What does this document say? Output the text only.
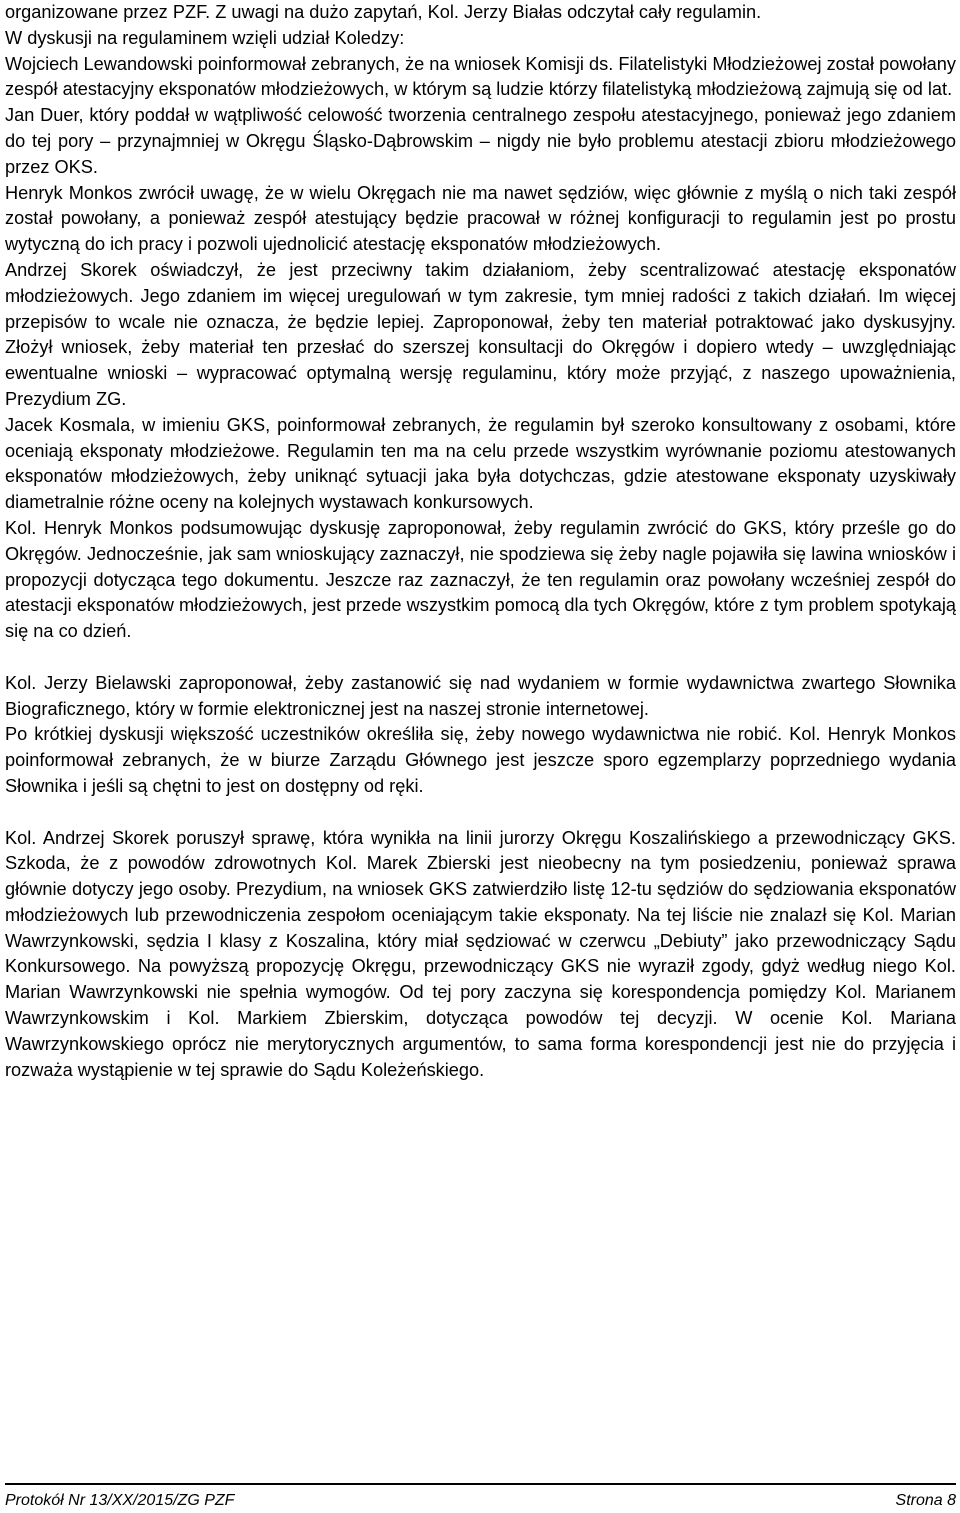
organizowane przez PZF. Z uwagi na dużo zapytań, Kol. Jerzy Białas odczytał cały regulamin.

W dyskusji na regulaminem wzięli udział Koledzy:

Wojciech Lewandowski poinformował zebranych, że na wniosek Komisji ds. Filatelistyki Młodzieżowej został powołany zespół atestacyjny eksponatów młodzieżowych, w którym są ludzie którzy filatelistyką młodzieżową zajmują się od lat.

Jan Duer, który poddał w wątpliwość celowość tworzenia centralnego zespołu atestacyjnego, ponieważ jego zdaniem do tej pory – przynajmniej w Okręgu Śląsko-Dąbrowskim – nigdy nie było problemu atestacji zbioru młodzieżowego przez OKS.

Henryk Monkos zwrócił uwagę, że w wielu Okręgach nie ma nawet sędziów, więc głównie z myślą o nich taki zespół został powołany, a ponieważ zespół atestujący będzie pracował w różnej konfiguracji to regulamin jest po prostu wytyczną do ich pracy i pozwoli ujednolicić atestację eksponatów młodzieżowych.

Andrzej Skorek oświadczył, że jest przeciwny takim działaniom, żeby scentralizować atestację eksponatów młodzieżowych. Jego zdaniem im więcej uregulowań w tym zakresie, tym mniej radości z takich działań. Im więcej przepisów to wcale nie oznacza, że będzie lepiej. Zaproponował, żeby ten materiał potraktować jako dyskusyjny. Złożył wniosek, żeby materiał ten przesłać do szerszej konsultacji do Okręgów i dopiero wtedy – uwzględniając ewentualne wnioski – wypracować optymalną wersję regulaminu, który może przyjąć, z naszego upoważnienia, Prezydium ZG.

Jacek Kosmala, w imieniu GKS, poinformował zebranych, że regulamin był szeroko konsultowany z osobami, które oceniają eksponaty młodzieżowe. Regulamin ten ma na celu przede wszystkim wyrównanie poziomu atestowanych eksponatów młodzieżowych, żeby uniknąć sytuacji jaka była dotychczas, gdzie atestowane eksponaty uzyskiwały diametralnie różne oceny na kolejnych wystawach konkursowych.

Kol. Henryk Monkos podsumowując dyskusję zaproponował, żeby regulamin zwrócić do GKS, który prześle go do Okręgów. Jednocześnie, jak sam wnioskujący zaznaczył, nie spodziewa się żeby nagle pojawiła się lawina wniosków i propozycji dotycząca tego dokumentu. Jeszcze raz zaznaczył, że ten regulamin oraz powołany wcześniej zespół do atestacji eksponatów młodzieżowych, jest przede wszystkim pomocą dla tych Okręgów, które z tym problem spotykają się na co dzień.

Kol. Jerzy Bielawski zaproponował, żeby zastanowić się nad wydaniem w formie wydawnictwa zwartego Słownika Biograficznego, który w formie elektronicznej jest na naszej stronie internetowej.

Po krótkiej dyskusji większość uczestników określiła się, żeby nowego wydawnictwa nie robić. Kol. Henryk Monkos poinformował zebranych, że w biurze Zarządu Głównego jest jeszcze sporo egzemplarzy poprzedniego wydania Słownika i jeśli są chętni to jest on dostępny od ręki.

Kol. Andrzej Skorek poruszył sprawę, która wynikła na linii jurorzy Okręgu Koszalińskiego a przewodniczący GKS. Szkoda, że z powodów zdrowotnych Kol. Marek Zbierski jest nieobecny na tym posiedzeniu, ponieważ sprawa głównie dotyczy jego osoby. Prezydium, na wniosek GKS zatwierdziło listę 12-tu sędziów do sędziowania eksponatów młodzieżowych lub przewodniczenia zespołom oceniającym takie eksponaty. Na tej liście nie znalazł się Kol. Marian Wawrzynkowski, sędzia I klasy z Koszalina, który miał sędziować w czerwcu „Debiuty” jako przewodniczący Sądu Konkursowego. Na powyższą propozycję Okręgu, przewodniczący GKS nie wyraził zgody, gdyż według niego Kol. Marian Wawrzynkowski nie spełnia wymogów. Od tej pory zaczyna się korespondencja pomiędzy Kol. Marianem Wawrzynkowskim i Kol. Markiem Zbierskim, dotycząca powodów tej decyzji. W ocenie Kol. Mariana Wawrzynkowskiego oprócz nie merytorycznych argumentów, to sama forma korespondencji jest nie do przyjęcia i rozważa wystąpienie w tej sprawie do Sądu Koleżeńskiego.

Protokół Nr 13/XX/2015/ZG PZF	Strona 8
